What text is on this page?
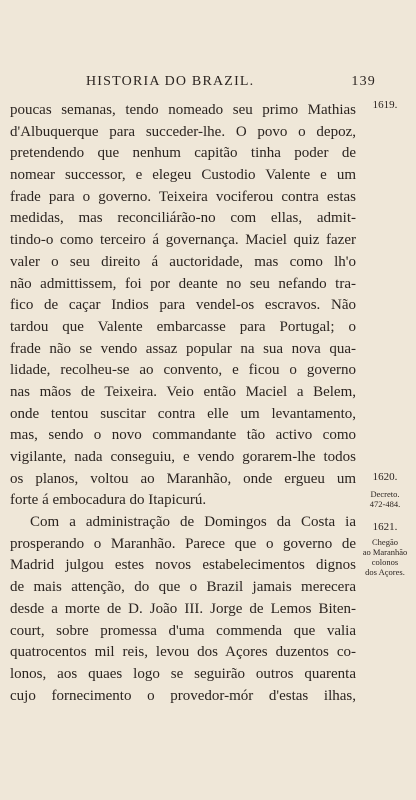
HISTORIA DO BRAZIL.	139
poucas semanas, tendo nomeado seu primo Mathias
d'Albuquerque para succeder-lhe. O povo o depoz,
pretendendo que nenhum capitão tinha poder de
nomear successor, e elegeu Custodio Valente e um
frade para o governo. Teixeira vociferou contra estas
medidas, mas reconciliárão-no com ellas, admit-
tindo-o como terceiro á governança. Maciel quiz fazer
valer o seu direito á auctoridade, mas como lh'o
não admittissem, foi por deante no seu nefando tra-
fico de caçar Indios para vendel-os escravos. Não
tardou que Valente embarcasse para Portugal; o
frade não se vendo assaz popular na sua nova qua-
lidade, recolheu-se ao convento, e ficou o governo
nas mãos de Teixeira. Veio então Maciel a Belem,
onde tentou suscitar contra elle um levantamento,
mas, sendo o novo commandante tão activo como
vigilante, nada conseguiu, e vendo gorarem-lhe todos
os planos, voltou ao Maranhão, onde ergueu um
forte á embocadura do Itapicurú.
Com a administração de Domingos da Costa ia
prosperando o Maranhão. Parece que o governo de
Madrid julgou estes novos estabelecimentos dignos
de mais attenção, do que o Brazil jamais merecera
desde a morte de D. João III. Jorge de Lemos Biten-
court, sobre promessa d'uma commenda que valia
quatrocentos mil reis, levou dos Açores duzentos co-
lonos, aos quaes logo se seguirão outros quarenta
cujo fornecimento o provedor-mór d'estas ilhas,
1619.
1620.
Decreto.
472-484.
1621.
Chegão
ao Maranhão
colonos
dos Açores.
